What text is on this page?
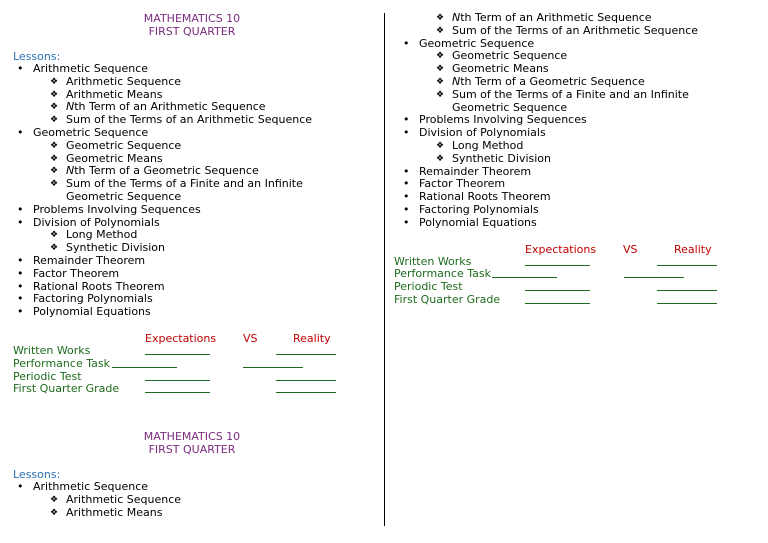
MATHEMATICS 10
FIRST QUARTER
Lessons:
• Arithmetic Sequence
❖ Arithmetic Sequence
❖ Arithmetic Means
❖ Nth Term of an Arithmetic Sequence
❖ Sum of the Terms of an Arithmetic Sequence
• Geometric Sequence
❖ Geometric Sequence
❖ Geometric Means
❖ Nth Term of a Geometric Sequence
❖ Sum of the Terms of a Finite and an Infinite
Geometric Sequence
• Problems Involving Sequences
• Division of Polynomials
❖ Long Method
❖ Synthetic Division
• Remainder Theorem
• Factor Theorem
• Rational Roots Theorem
• Factoring Polynomials
• Polynomial Equations
Expectations VS	Reality
Written Works
Performance Task
Periodic Test
First Quarter Grade
MATHEMATICS 10
FIRST QUARTER
Lessons:
• Arithmetic Sequence
❖ Arithmetic Sequence
❖ Arithmetic Means
❖ Nth Term of an Arithmetic Sequence
❖ Sum of the Terms of an Arithmetic Sequence
• Geometric Sequence
❖ Geometric Sequence
❖ Geometric Means
❖ Nth Term of a Geometric Sequence
❖ Sum of the Terms of a Finite and an Infinite
Geometric Sequence
• Problems Involving Sequences
• Division of Polynomials
❖ Long Method
❖ Synthetic Division
• Remainder Theorem
• Factor Theorem
• Rational Roots Theorem
• Factoring Polynomials
• Polynomial Equations
Expectations VS	Reality
Written Works
Performance Task
Periodic Test
First Quarter Grade
